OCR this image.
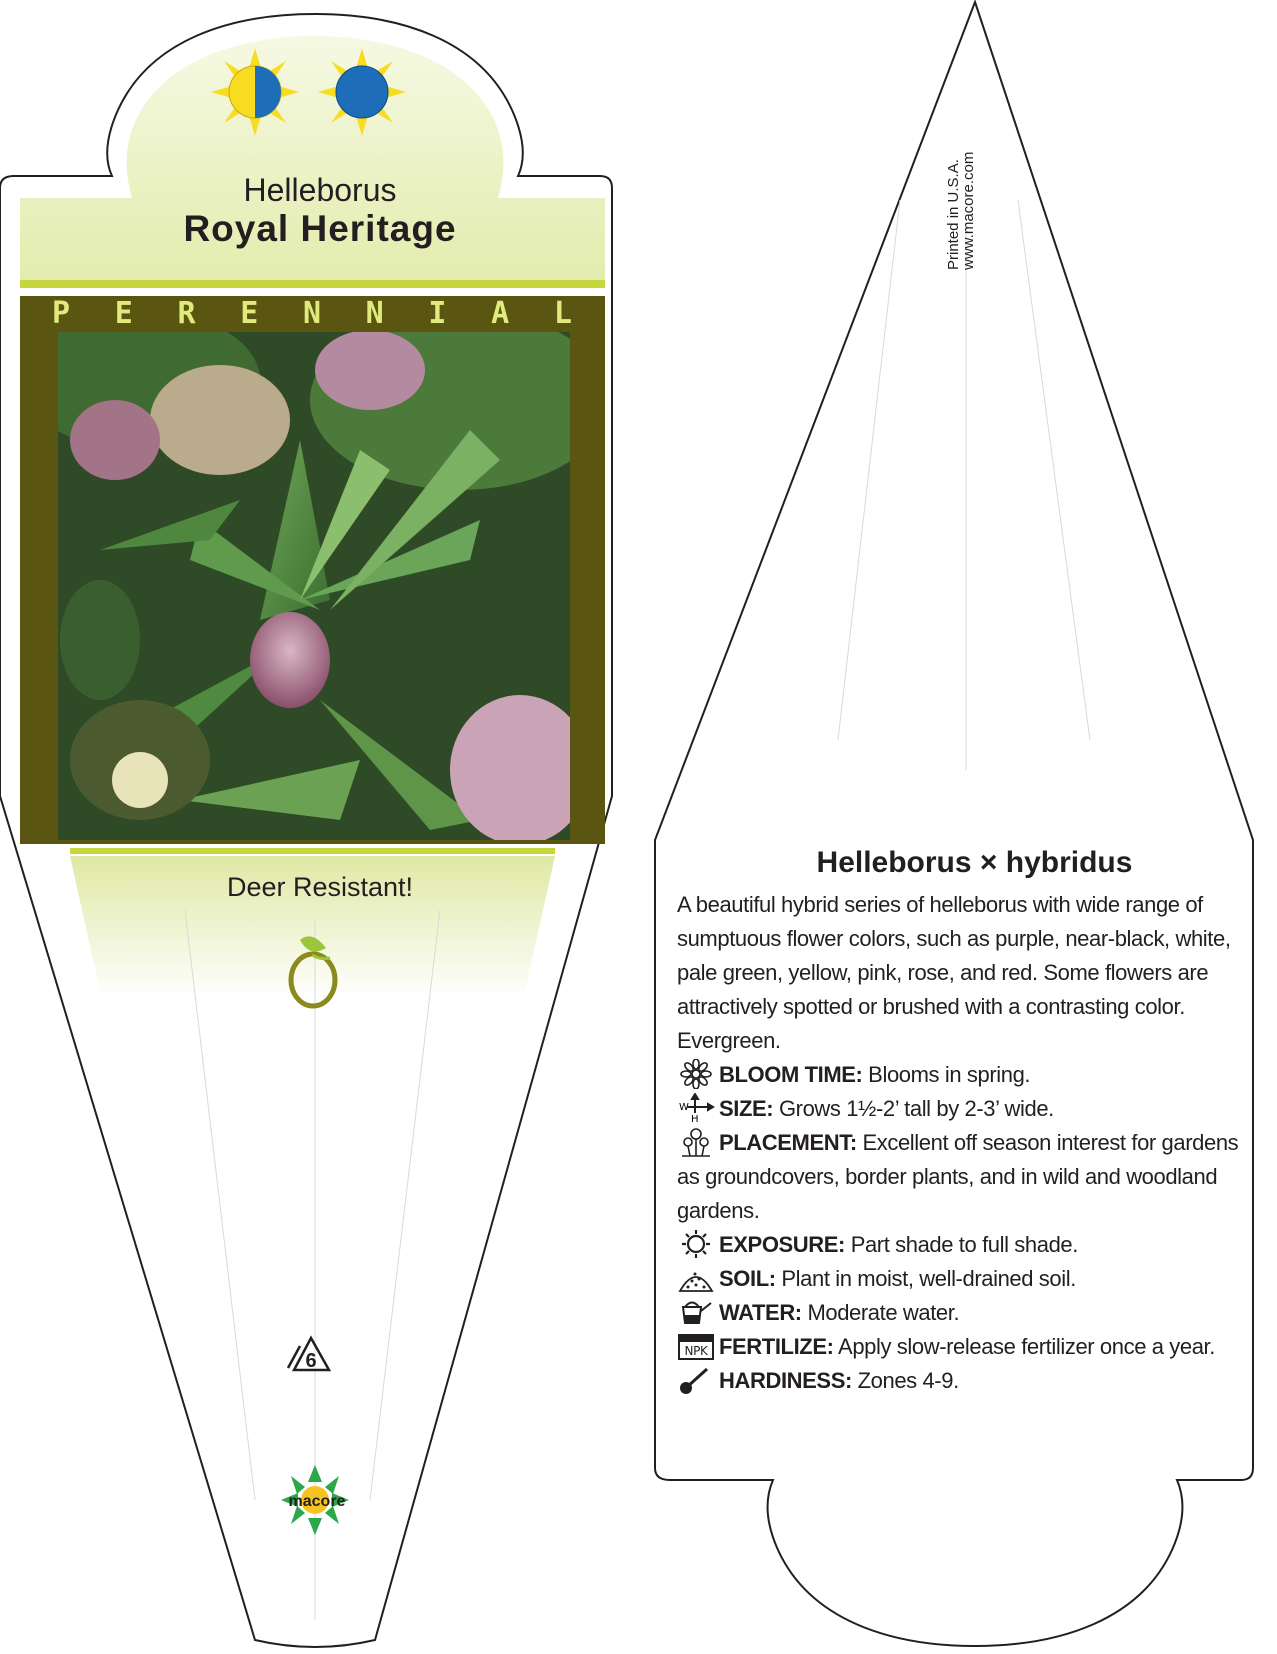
Helleborus
Royal Heritage
P E R E N N I A L
Deer Resistant!
6
macore
Printed in U.S.A.
www.macore.com
Helleborus × hybridus

A beautiful hybrid series of helleborus with wide range of sumptuous flower colors, such as purple, near-black, white, pale green, yellow, pink, rose, and red. Some flowers are attractively spotted or brushed with a contrasting color. Evergreen.

BLOOM TIME: Blooms in spring.

W
H SIZE: Grows 1½-2’ tall by 2-3’ wide.

PLACEMENT: Excellent off season interest for gardens as groundcovers, border plants, and in wild and woodland gardens.

EXPOSURE: Part shade to full shade.

SOIL: Plant in moist, well-drained soil.

WATER: Moderate water.

NPK FERTILIZE: Apply slow-release fertilizer once a year.

HARDINESS: Zones 4-9.
